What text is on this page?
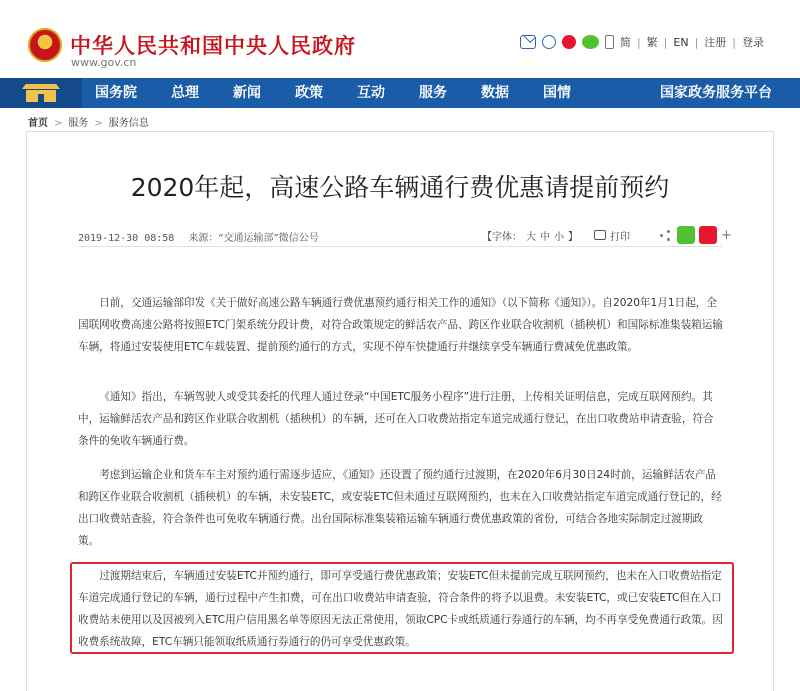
中华人民共和国中央人民政府
www.gov.cn
简 | 繁 | EN | 注册 | 登录
国务院	总理	新闻	政策	互动	服务	数据	国情	国家政务服务平台
首页 > 服务 > 服务信息
2020年起，高速公路车辆通行费优惠请提前预约
2019-12-30 08:58 来源：“交通运输部”微信公号	【字体： 大 中 小 】	打印	+

日前，交通运输部印发《关于做好高速公路车辆通行费优惠预约通行相关工作的通知》（以下简称《通知》）。自2020年1月1日起，全国联网收费高速公路将按照ETC门架系统分段计费，对符合政策规定的鲜活农产品、跨区作业联合收割机（插秧机）和国际标准集装箱运输车辆，将通过安装使用ETC车载装置、提前预约通行的方式，实现不停车快捷通行并继续享受车辆通行费减免优惠政策。

《通知》指出，车辆驾驶人或受其委托的代理人通过登录“中国ETC服务小程序”进行注册，上传相关证明信息，完成互联网预约。其中，运输鲜活农产品和跨区作业联合收割机（插秧机）的车辆，还可在入口收费站指定车道完成通行登记，在出口收费站申请查验，符合条件的免收车辆通行费。

考虑到运输企业和货车车主对预约通行需逐步适应，《通知》还设置了预约通行过渡期，在2020年6月30日24时前，运输鲜活农产品和跨区作业联合收割机（插秧机）的车辆，未安装ETC，或安装ETC但未通过互联网预约，也未在入口收费站指定车道完成通行登记的，经出口收费站查验，符合条件也可免收车辆通行费。出台国际标准集装箱运输车辆通行费优惠政策的省份，可结合各地实际制定过渡期政策。

过渡期结束后，车辆通过安装ETC并预约通行，即可享受通行费优惠政策；安装ETC但未提前完成互联网预约，也未在入口收费站指定车道完成通行登记的车辆，通行过程中产生扣费，可在出口收费站申请查验，符合条件的将予以退费。未安装ETC，或已安装ETC但在入口收费站未使用以及因被列入ETC用户信用黑名单等原因无法正常使用，领取CPC卡或纸质通行券通行的车辆，均不再享受免费通行政策。因收费系统故障，ETC车辆只能领取纸质通行券通行的仍可享受优惠政策。
